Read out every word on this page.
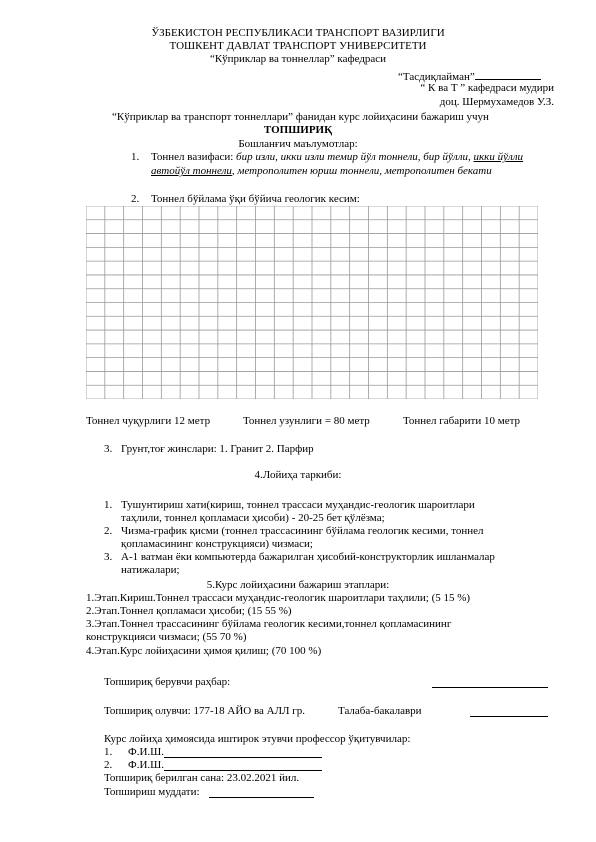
ЎЗБЕКИСТОН РЕСПУБЛИКАСИ ТРАНСПОРТ ВАЗИРЛИГИ
ТОШКЕНТ ДАВЛАТ ТРАНСПОРТ УНИВЕРСИТЕТИ
“Кўприклар ва тоннеллар” кафедраси
“Тасдиқлайман”
“ К ва Т ” кафедраси мудири
доц. Шермухамедов У.З.
“Кўприклар ва транспорт тоннеллари” фанидан курс лойиҳасини бажариш учун
ТОПШИРИҚ
Бошланғич маълумотлар:
1. Тоннел вазифаси: бир изли, икки изли темир йўл тоннели, бир йўлли, икки йўлли
автойўл тоннели, метрополитен юриш тоннели, метрополитен бекати
2. Тоннел бўйлама ўқи бўйича геологик кесим:
Тоннел чуқурлиги 12 метр	Тоннел узунлиги = 80 метр	Тоннел габарити 10 метр
3. Грунт,тоғ жинслари: 1. Гранит 2. Парфир
4.Лойиҳа таркиби:
1. Тушунтириш хати(кириш, тоннел трассаси муҳандис-геологик шароитлари
таҳлили, тоннел қопламаси ҳисоби) - 20-25 бет қўлёзма;
2. Чизма-график қисми (тоннел трассасининг бўйлама геологик кесими, тоннел
қопламасининг конструкцияси) чизмаси;
3. А-1 ватман ёки компьютерда бажарилган ҳисобий-конструкторлик ишланмалар
натижалари;
5.Курс лойиҳасини бажариш этаплари:
1.Этап.Кириш.Тоннел трассаси муҳандис-геологик шароитлари таҳлили; (5 15 %)
2.Этап.Тоннел қопламаси ҳисоби; (15 55 %)
3.Этап.Тоннел трассасининг бўйлама геологик кесими,тоннел қопламасининг
конструкцияси чизмаси; (55 70 %)
4.Этап.Курс лойиҳасини ҳимоя қилиш; (70 100 %)
Топшириқ берувчи раҳбар:
Топшириқ олувчи: 177-18 АЙО ва АЛЛ гр.	Талаба-бакалаври
Курс лойиҳа ҳимоясида иштирок этувчи профессор ўқитувчилар:
1. Ф.И.Ш.
2. Ф.И.Ш.
Топшириқ берилган сана: 23.02.2021 йил.
Топшириш муддати:
